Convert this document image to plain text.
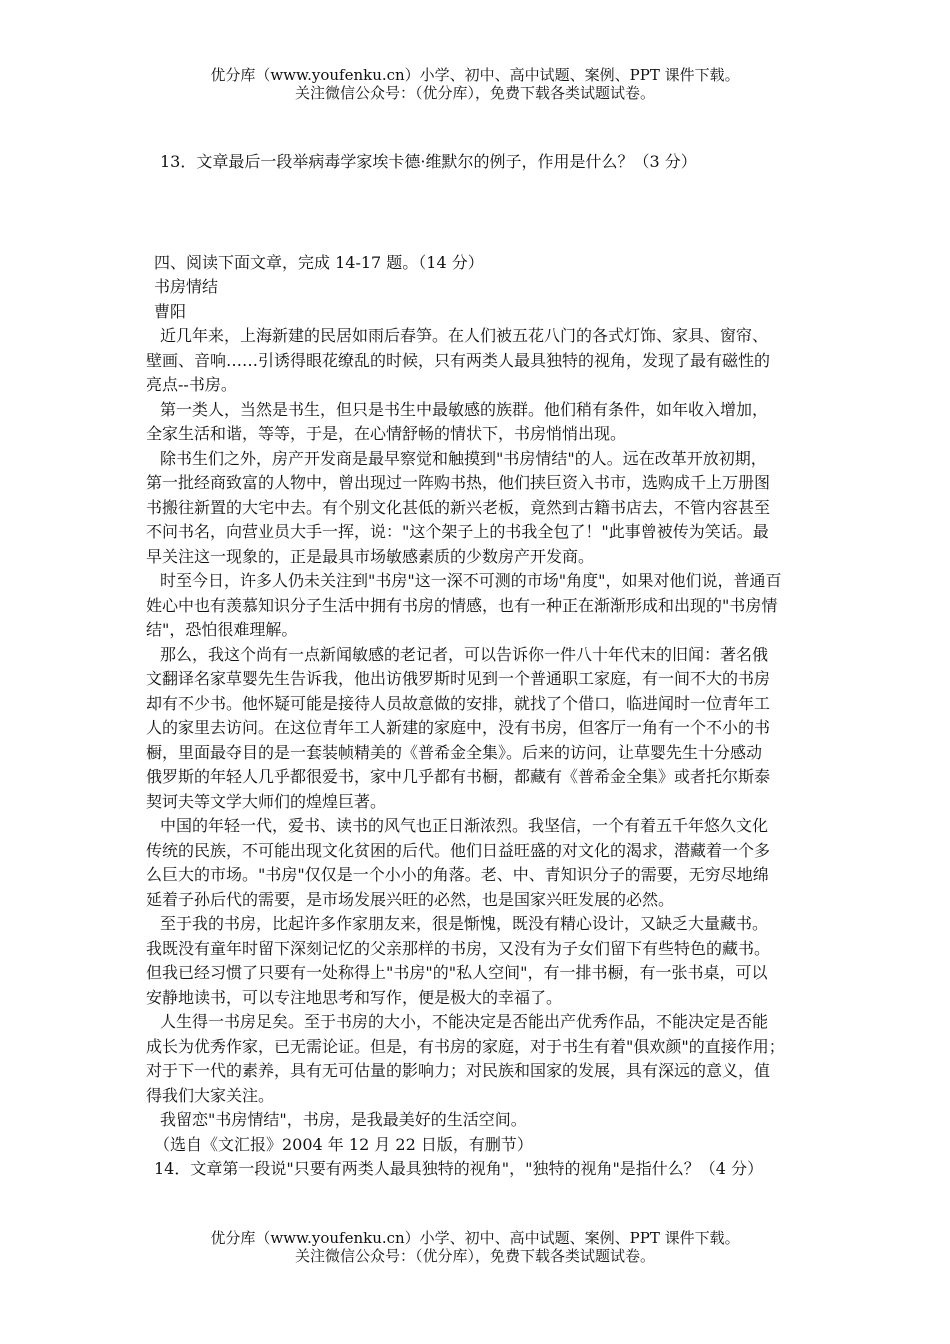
优分库（www.youfenku.cn）小学、初中、高中试题、案例、PPT 课件下载。
关注微信公众号：（优分库），免费下载各类试题试卷。

13．文章最后一段举病毒学家埃卡德·维默尔的例子，作用是什么？（3 分）

四、阅读下面文章，完成 14-17 题。（14 分）

书房情结

曹阳

近几年来，上海新建的民居如雨后春笋。在人们被五花八门的各式灯饰、家具、窗帘、
壁画、音响……引诱得眼花缭乱的时候，只有两类人最具独特的视角，发现了最有磁性的
亮点--书房。

第一类人，当然是书生，但只是书生中最敏感的族群。他们稍有条件，如年收入增加，
全家生活和谐，等等，于是，在心情舒畅的情状下，书房悄悄出现。

除书生们之外，房产开发商是最早察觉和触摸到"书房情结"的人。远在改革开放初期，
第一批经商致富的人物中，曾出现过一阵购书热，他们挟巨资入书市，选购成千上万册图
书搬往新置的大宅中去。有个别文化甚低的新兴老板，竟然到古籍书店去，不管内容甚至
不问书名，向营业员大手一挥，说："这个架子上的书我全包了！"此事曾被传为笑话。最
早关注这一现象的，正是最具市场敏感素质的少数房产开发商。

时至今日，许多人仍未关注到"书房"这一深不可测的市场"角度"，如果对他们说，普通百
姓心中也有羡慕知识分子生活中拥有书房的情感，也有一种正在渐渐形成和出现的"书房情
结"，恐怕很难理解。

那么，我这个尚有一点新闻敏感的老记者，可以告诉你一件八十年代末的旧闻：著名俄
文翻译名家草婴先生告诉我，他出访俄罗斯时见到一个普通职工家庭，有一间不大的书房
却有不少书。他怀疑可能是接待人员故意做的安排，就找了个借口，临进闻时一位青年工
人的家里去访问。在这位青年工人新建的家庭中，没有书房，但客厅一角有一个不小的书
橱，里面最夺目的是一套装帧精美的《普希金全集》。后来的访问，让草婴先生十分感动
俄罗斯的年轻人几乎都很爱书，家中几乎都有书橱，都藏有《普希金全集》或者托尔斯泰
契诃夫等文学大师们的煌煌巨著。

中国的年轻一代，爱书、读书的风气也正日渐浓烈。我坚信，一个有着五千年悠久文化
传统的民族，不可能出现文化贫困的后代。他们日益旺盛的对文化的渴求，潜藏着一个多
么巨大的市场。"书房"仅仅是一个小小的角落。老、中、青知识分子的需要，无穷尽地绵
延着子孙后代的需要，是市场发展兴旺的必然，也是国家兴旺发展的必然。

至于我的书房，比起许多作家朋友来，很是惭愧，既没有精心设计，又缺乏大量藏书。
我既没有童年时留下深刻记忆的父亲那样的书房，又没有为子女们留下有些特色的藏书。
但我已经习惯了只要有一处称得上"书房"的"私人空间"，有一排书橱，有一张书桌，可以
安静地读书，可以专注地思考和写作，便是极大的幸福了。

人生得一书房足矣。至于书房的大小，不能决定是否能出产优秀作品，不能决定是否能
成长为优秀作家，已无需论证。但是，有书房的家庭，对于书生有着"俱欢颜"的直接作用；
对于下一代的素养，具有无可估量的影响力；对民族和国家的发展，具有深远的意义，值
得我们大家关注。

我留恋"书房情结"，书房，是我最美好的生活空间。

（选自《文汇报》2004 年 12 月 22 日版，有删节）

14．文章第一段说"只要有两类人最具独特的视角"，"独特的视角"是指什么？（4 分）

优分库（www.youfenku.cn）小学、初中、高中试题、案例、PPT 课件下载。
关注微信公众号：（优分库），免费下载各类试题试卷。
